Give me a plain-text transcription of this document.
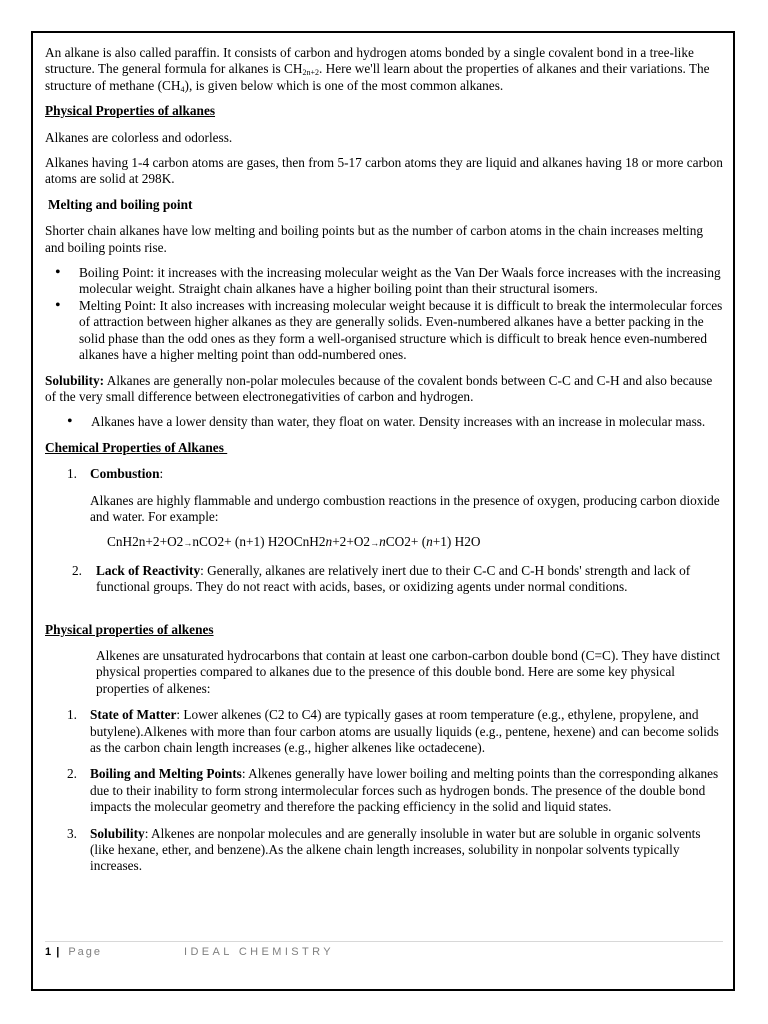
An alkane is also called paraffin. It consists of carbon and hydrogen atoms bonded by a single covalent bond in a tree-like structure. The general formula for alkanes is $CH_{2n+2}$. Here we'll learn about the properties of alkanes and their variations. The structure of methane $(CH_4)$, is given below which is one of the most common alkanes.

Physical Properties of alkanes

Alkanes are colorless and odorless.

Alkanes having 1-4 carbon atoms are gases, then from 5-17 carbon atoms they are liquid and alkanes having 18 or more carbon atoms are solid at 298K.

Melting and boiling point

Shorter chain alkanes have low melting and boiling points but as the number of carbon atoms in the chain increases melting and boiling points rise.

• Boiling Point: it increases with the increasing molecular weight as the Van Der Waals force increases with the increasing molecular weight. Straight chain alkanes have a higher boiling point than their structural isomers.
• Melting Point: It also increases with increasing molecular weight because it is difficult to break the intermolecular forces of attraction between higher alkanes as they are generally solids. Even-numbered alkanes have a better packing in the solid phase than the odd ones as they form a well-organised structure which is difficult to break hence even-numbered alkanes have a higher melting point than odd-numbered ones.

Solubility: Alkanes are generally non-polar molecules because of the covalent bonds between C-C and C-H and also because of the very small difference between electronegativities of carbon and hydrogen.

• Alkanes have a lower density than water, they float on water. Density increases with an increase in molecular mass.

Chemical Properties of Alkanes

1. Combustion:

Alkanes are highly flammable and undergo combustion reactions in the presence of oxygen, producing carbon dioxide and water. For example:

CnH2n+2+O2→nCO2+ (n+1) H2OCnH2n+2+O2→nCO2+ (n+1) H2O

2. Lack of Reactivity: Generally, alkanes are relatively inert due to their C-C and C-H bonds' strength and lack of functional groups. They do not react with acids, bases, or oxidizing agents under normal conditions.

Physical properties of alkenes

Alkenes are unsaturated hydrocarbons that contain at least one carbon-carbon double bond (C=C). They have distinct physical properties compared to alkanes due to the presence of this double bond. Here are some key physical properties of alkenes:

1. State of Matter: Lower alkenes (C2 to C4) are typically gases at room temperature (e.g., ethylene, propylene, and butylene).Alkenes with more than four carbon atoms are usually liquids (e.g., pentene, hexene) and can become solids as the carbon chain length increases (e.g., higher alkenes like octadecene).
2. Boiling and Melting Points: Alkenes generally have lower boiling and melting points than the corresponding alkanes due to their inability to form strong intermolecular forces such as hydrogen bonds. The presence of the double bond impacts the molecular geometry and therefore the packing efficiency in the solid and liquid states.
3. Solubility: Alkenes are nonpolar molecules and are generally insoluble in water but are soluble in organic solvents (like hexane, ether, and benzene).As the alkene chain length increases, solubility in nonpolar solvents typically increases.
1 | Page	IDEAL CHEMISTRY
